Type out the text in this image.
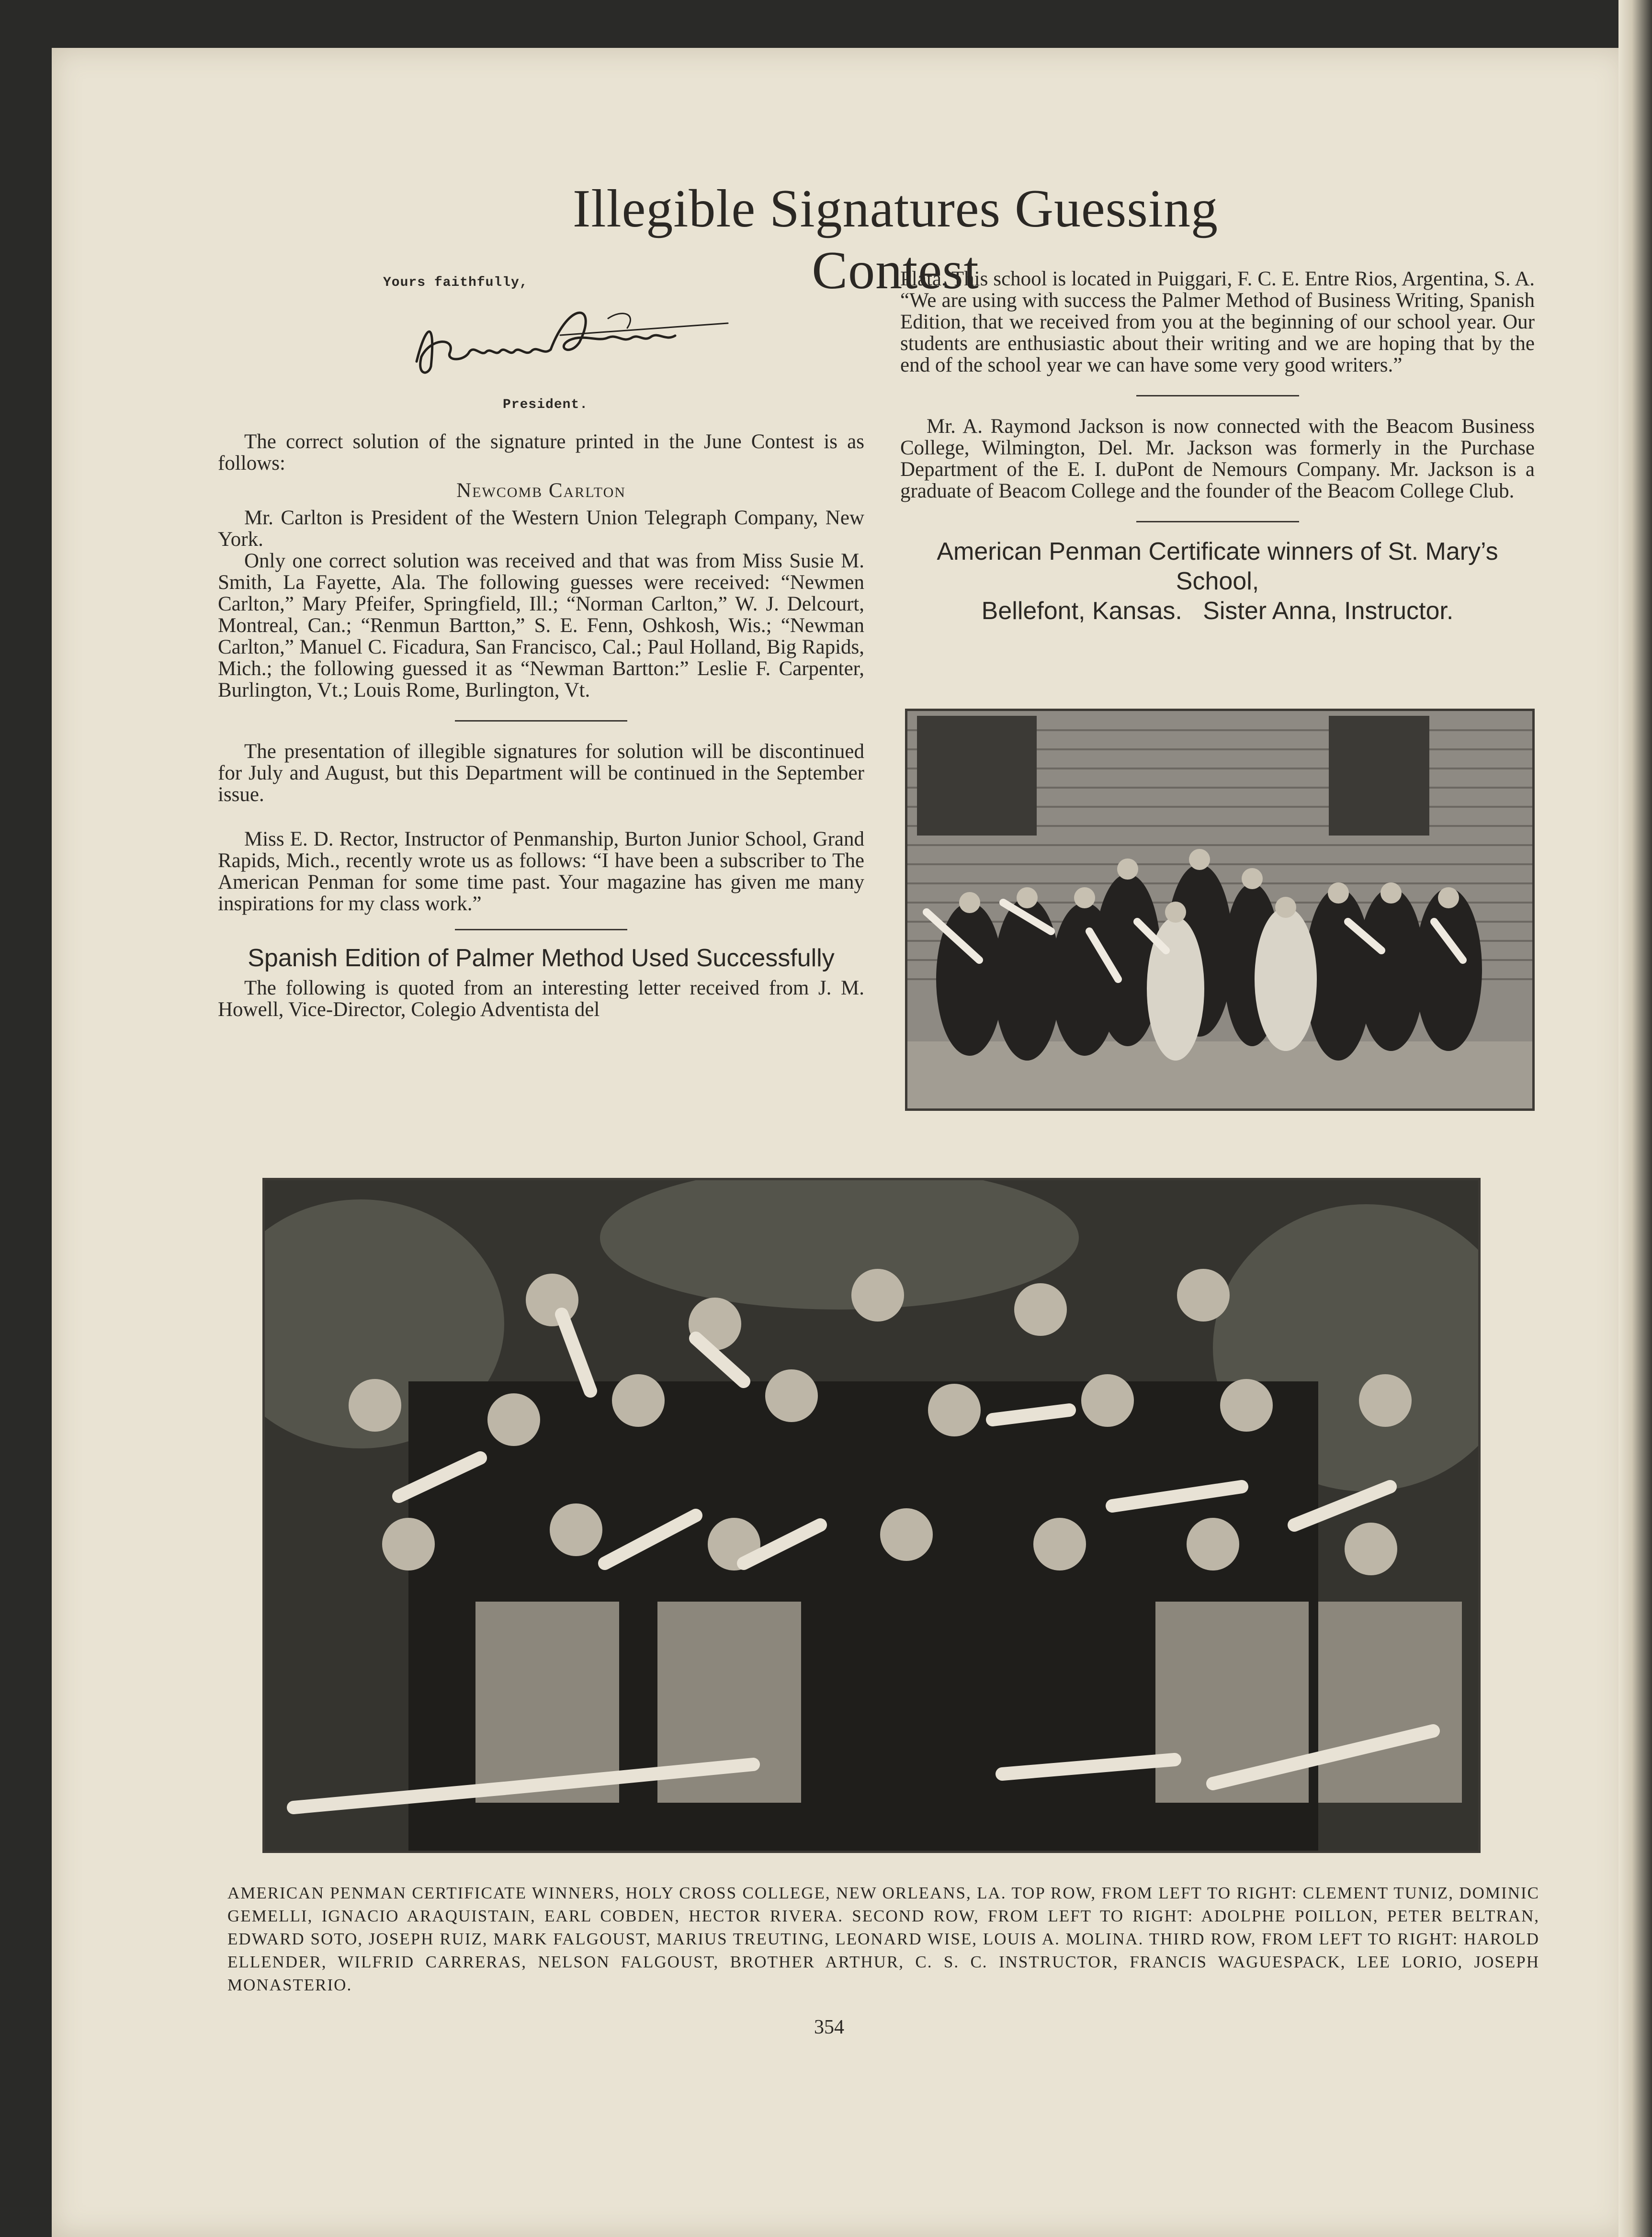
Illegible Signatures Guessing Contest
Yours faithfully,
President.

The correct solution of the signature printed in the June Contest is as follows:

Newcomb Carlton

Mr. Carlton is President of the Western Union Telegraph Company, New York.

Only one correct solution was received and that was from Miss Susie M. Smith, La Fayette, Ala. The following guesses were received: “Newmen Carlton,” Mary Pfeifer, Springfield, Ill.; “Norman Carlton,” W. J. Delcourt, Montreal, Can.; “Renmun Bartton,” S. E. Fenn, Oshkosh, Wis.; “Newman Carlton,” Manuel C. Ficadura, San Francisco, Cal.; Paul Holland, Big Rapids, Mich.; the following guessed it as “Newman Bartton:” Leslie F. Carpenter, Burlington, Vt.; Louis Rome, Burlington, Vt.

The presentation of illegible signatures for solution will be discontinued for July and August, but this Department will be continued in the September issue.

Miss E. D. Rector, Instructor of Penmanship, Burton Junior School, Grand Rapids, Mich., recently wrote us as follows: “I have been a subscriber to The American Penman for some time past. Your magazine has given me many inspirations for my class work.”

Spanish Edition of Palmer Method Used Successfully

The following is quoted from an interesting letter received from J. M. Howell, Vice-Director, Colegio Adventista del

Plata. This school is located in Puiggari, F. C. E. Entre Rios, Argentina, S. A. “We are using with success the Palmer Method of Business Writing, Spanish Edition, that we received from you at the beginning of our school year. Our students are enthusiastic about their writing and we are hoping that by the end of the school year we can have some very good writers.”

Mr. A. Raymond Jackson is now connected with the Beacom Business College, Wilmington, Del. Mr. Jackson was formerly in the Purchase Department of the E. I. duPont de Nemours Company. Mr. Jackson is a graduate of Beacom College and the founder of the Beacom College Club.

American Penman Certificate winners of St. Mary’s School,
Bellefont, Kansas. Sister Anna, Instructor.
AMERICAN PENMAN CERTIFICATE WINNERS, HOLY CROSS COLLEGE, NEW ORLEANS, LA. TOP ROW, FROM LEFT TO RIGHT: CLEMENT TUNIZ, DOMINIC GEMELLI, IGNACIO ARAQUISTAIN, EARL COBDEN, HECTOR RIVERA. SECOND ROW, FROM LEFT TO RIGHT: ADOLPHE POILLON, PETER BELTRAN, EDWARD SOTO, JOSEPH RUIZ, MARK FALGOUST, MARIUS TREUTING, LEONARD WISE, LOUIS A. MOLINA. THIRD ROW, FROM LEFT TO RIGHT: HAROLD ELLENDER, WILFRID CARRERAS, NELSON FALGOUST, BROTHER ARTHUR, C. S. C. INSTRUCTOR, FRANCIS WAGUESPACK, LEE LORIO, JOSEPH MONASTERIO.
354
